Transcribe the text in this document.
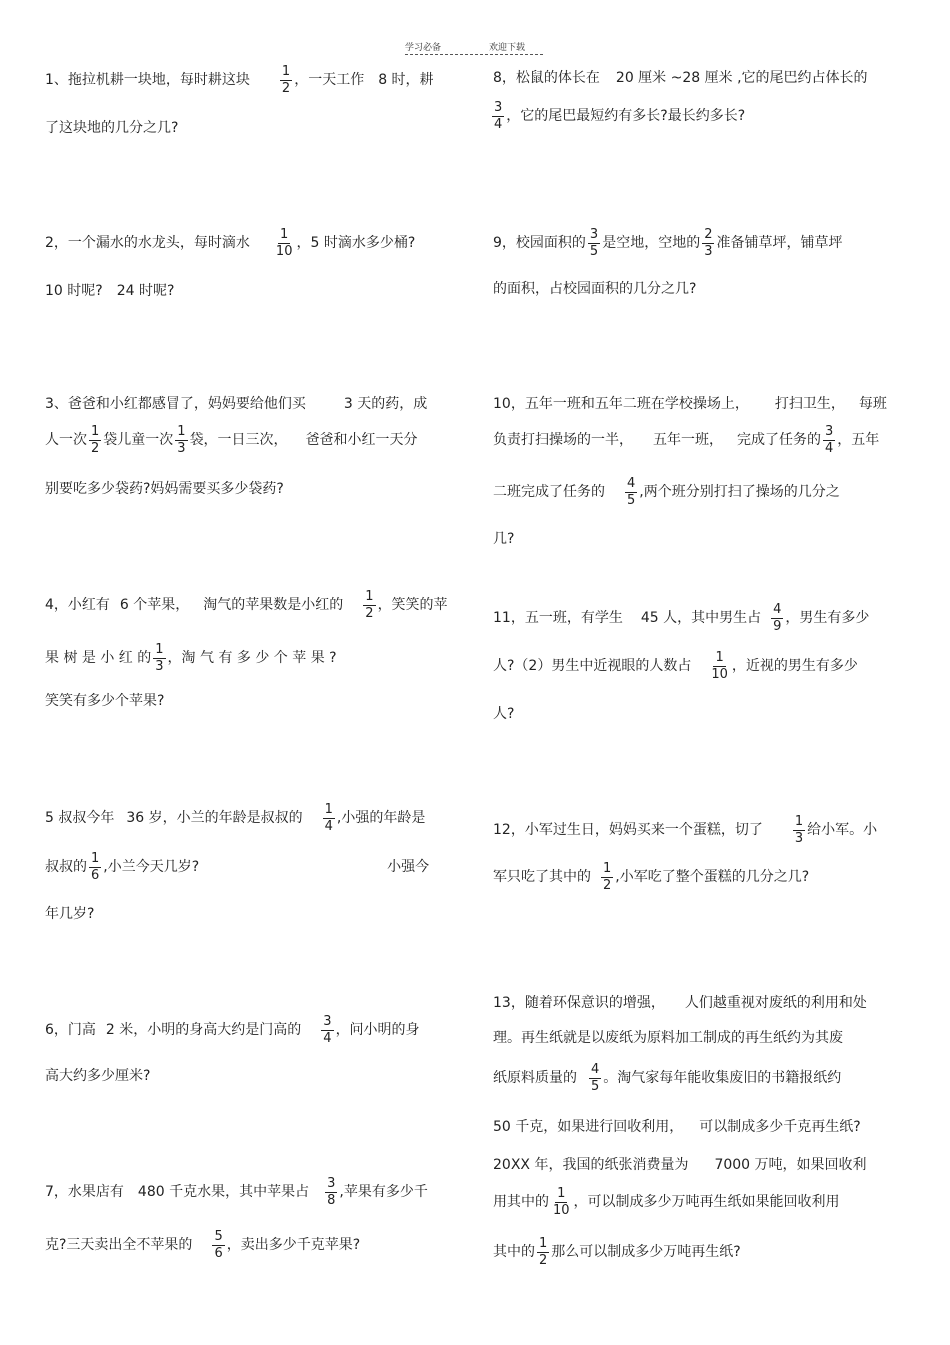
学习必备	欢迎下载
1、拖拉机耕一块地，每时耕这块 $\frac{1}{2}$ ，一天工作 8 时，耕
了这块地的几分之几?
2，一个漏水的水龙头，每时滴水 $\frac{1}{10}$ ，5 时滴水多少桶?
10 时呢? 24 时呢?
3、爸爸和小红都感冒了，妈妈要给他们买	3 天的药，成
人一次 $\frac{1}{2}$ 袋儿童一次 $\frac{1}{3}$ 袋，一日三次， 爸爸和小红一天分
别要吃多少袋药?妈妈需要买多少袋药?
4，小红有 6 个苹果， 淘气的苹果数是小红的 $\frac{1}{2}$ ，笑笑的苹
果 树 是 小 红 的 $\frac{1}{3}$ ，淘 气 有 多 少 个 苹 果 ?
笑笑有多少个苹果?
5 叔叔今年 36 岁，小兰的年龄是叔叔的 $\frac{1}{4}$ ,小强的年龄是
叔叔的 $\frac{1}{6}$ ,小兰今天几岁?	小强今
年几岁?
6，门高 2 米，小明的身高大约是门高的 $\frac{3}{4}$ ，问小明的身
高大约多少厘米?
7，水果店有 480 千克水果，其中苹果占 $\frac{3}{8}$ ,苹果有多少千
克?三天卖出全不苹果的 $\frac{5}{6}$ ，卖出多少千克苹果?
8，松鼠的体长在 20 厘米 ~28 厘米 ,它的尾巴约占体长的
$\frac{3}{4}$ ，它的尾巴最短约有多长?最长约多长?
9，校园面积的 $\frac{3}{5}$ 是空地，空地的 $\frac{2}{3}$ 准备铺草坪，铺草坪
的面积，占校园面积的几分之几?
10，五年一班和五年二班在学校操场上， 打扫卫生， 每班
负责打扫操场的一半， 五年一班， 完成了任务的 $\frac{3}{4}$ ，五年
二班完成了任务的 $\frac{4}{5}$ ,两个班分别打扫了操场的几分之
几?
11，五一班，有学生 45 人，其中男生占 $\frac{4}{9}$ ，男生有多少
人?（2）男生中近视眼的人数占 $\frac{1}{10}$ ，近视的男生有多少
人?
12，小军过生日，妈妈买来一个蛋糕，切了 $\frac{1}{3}$ 给小军。小
军只吃了其中的 $\frac{1}{2}$ ,小军吃了整个蛋糕的几分之几?
13，随着环保意识的增强， 人们越重视对废纸的利用和处
理。再生纸就是以废纸为原料加工制成的再生纸约为其废
纸原料质量的 $\frac{4}{5}$ 。淘气家每年能收集废旧的书籍报纸约
50 千克，如果进行回收利用， 可以制成多少千克再生纸?
20XX 年，我国的纸张消费量为 7000 万吨，如果回收利
用其中的 $\frac{1}{10}$ ，可以制成多少万吨再生纸如果能回收利用
其中的 $\frac{1}{2}$ 那么可以制成多少万吨再生纸?
